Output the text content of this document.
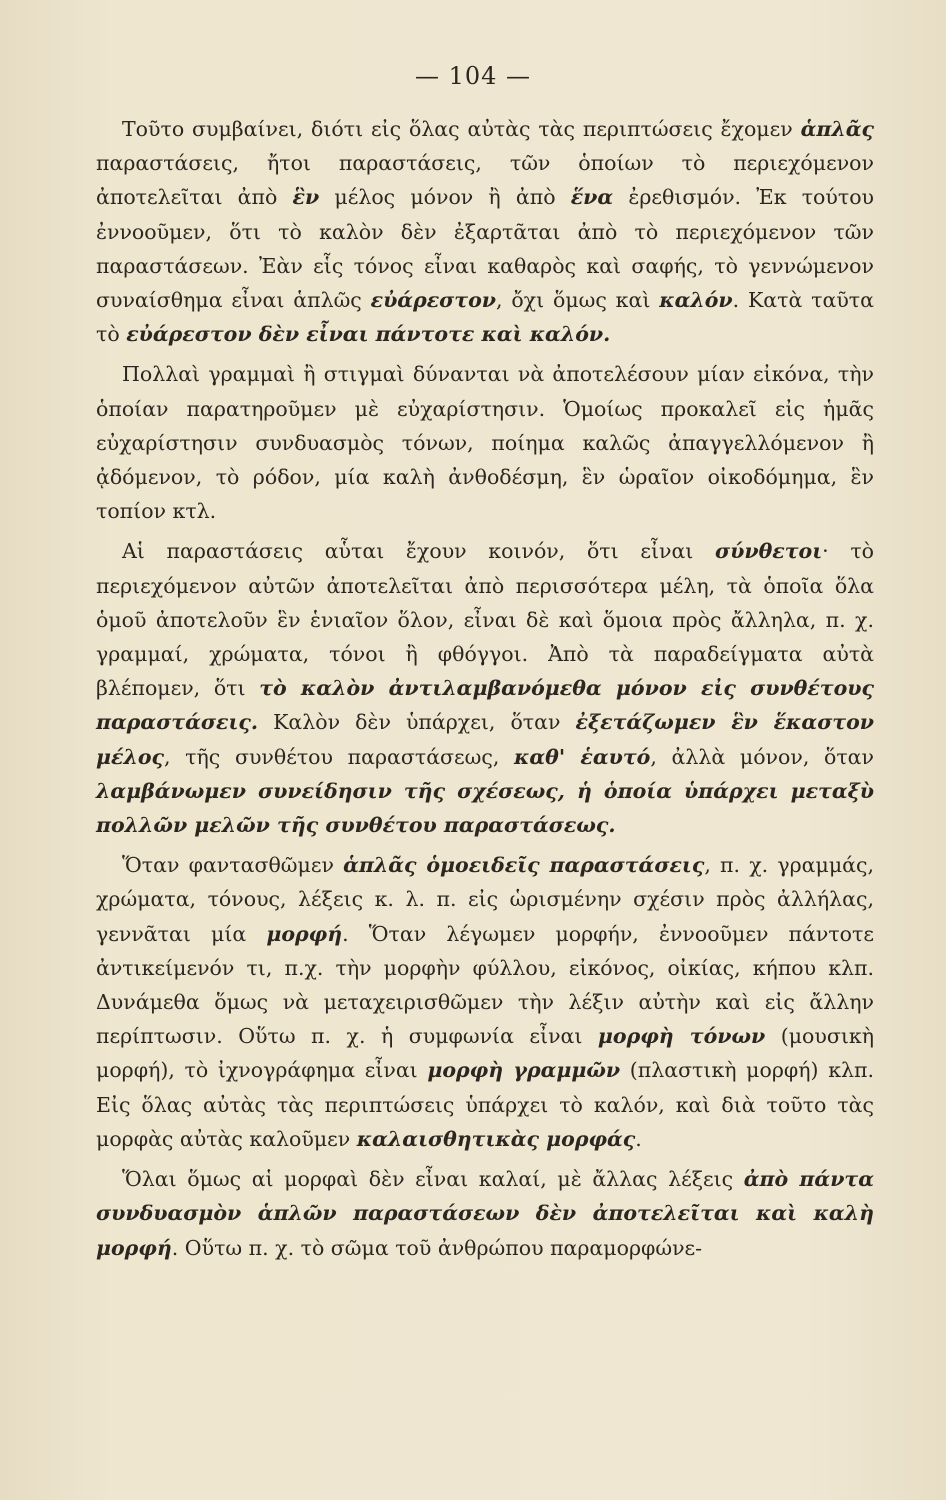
— 104 —

Τοῦτο συμβαίνει, διότι εἰς ὅλας αὐτὰς τὰς περιπτώσεις ἔχομεν ἁπλᾶς παραστάσεις, ἤτοι παραστάσεις, τῶν ὁποίων τὸ περιεχόμενον ἀποτελεῖται ἀπὸ ἓν μέλος μόνον ἢ ἀπὸ ἕνα ἐρεθισμόν. Ἐκ τούτου ἐννοοῦμεν, ὅτι τὸ καλὸν δὲν ἐξαρτᾶται ἀπὸ τὸ περιεχόμενον τῶν παραστάσεων. Ἐὰν εἷς τόνος εἶναι καθαρὸς καὶ σαφής, τὸ γεννώμενον συναίσθημα εἶναι ἁπλῶς εὐάρεστον, ὄχι ὅμως καὶ καλόν. Κατὰ ταῦτα τὸ εὐάρεστον δὲν εἶναι πάντοτε καὶ καλόν.

Πολλαὶ γραμμαὶ ἢ στιγμαὶ δύνανται νὰ ἀποτελέσουν μίαν εἰκόνα, τὴν ὁποίαν παρατηροῦμεν μὲ εὐχαρίστησιν. Ὁμοίως προκαλεῖ εἰς ἡμᾶς εὐχαρίστησιν συνδυασμὸς τόνων, ποίημα καλῶς ἀπαγγελλόμενον ἢ ᾀδόμενον, τὸ ρόδον, μία καλὴ ἀνθοδέσμη, ἓν ὡραῖον οἰκοδόμημα, ἓν τοπίον κτλ.

Αἱ παραστάσεις αὗται ἔχουν κοινόν, ὅτι εἶναι σύνθετοι· τὸ περιεχόμενον αὐτῶν ἀποτελεῖται ἀπὸ περισσότερα μέλη, τὰ ὁποῖα ὅλα ὁμοῦ ἀποτελοῦν ἓν ἑνιαῖον ὅλον, εἶναι δὲ καὶ ὅμοια πρὸς ἄλληλα, π. χ. γραμμαί, χρώματα, τόνοι ἢ φθόγγοι. Ἀπὸ τὰ παραδείγματα αὐτὰ βλέπομεν, ὅτι τὸ καλὸν ἀντιλαμβανόμεθα μόνον εἰς συνθέτους παραστάσεις. Καλὸν δὲν ὑπάρχει, ὅταν ἐξετάζωμεν ἓν ἕκαστον μέλος, τῆς συνθέτου παραστάσεως, καθ' ἑαυτό, ἀλλὰ μόνον, ὅταν λαμβάνωμεν συνείδησιν τῆς σχέσεως, ἡ ὁποία ὑπάρχει μεταξὺ πολλῶν μελῶν τῆς συνθέτου παραστάσεως.

Ὅταν φαντασθῶμεν ἁπλᾶς ὁμοειδεῖς παραστάσεις, π. χ. γραμμάς, χρώματα, τόνους, λέξεις κ. λ. π. εἰς ὡρισμένην σχέσιν πρὸς ἀλλήλας, γεννᾶται μία μορφή. Ὅταν λέγωμεν μορφήν, ἐννοοῦμεν πάντοτε ἀντικείμενόν τι, π.χ. τὴν μορφὴν φύλλου, εἰκόνος, οἰκίας, κήπου κλπ. Δυνάμεθα ὅμως νὰ μεταχειρισθῶμεν τὴν λέξιν αὐτὴν καὶ εἰς ἄλλην περίπτωσιν. Οὕτω π. χ. ἡ συμφωνία εἶναι μορφὴ τόνων (μουσικὴ μορφή), τὸ ἰχνογράφημα εἶναι μορφὴ γραμμῶν (πλαστικὴ μορφή) κλπ. Εἰς ὅλας αὐτὰς τὰς περιπτώσεις ὑπάρχει τὸ καλόν, καὶ διὰ τοῦτο τὰς μορφὰς αὐτὰς καλοῦμεν καλαισθητικὰς μορφάς.

Ὅλαι ὅμως αἱ μορφαὶ δὲν εἶναι καλαί, μὲ ἄλλας λέξεις ἀπὸ πάντα συνδυασμὸν ἁπλῶν παραστάσεων δὲν ἀποτελεῖται καὶ καλὴ μορφή. Οὕτω π. χ. τὸ σῶμα τοῦ ἀνθρώπου παραμορφώνε-
